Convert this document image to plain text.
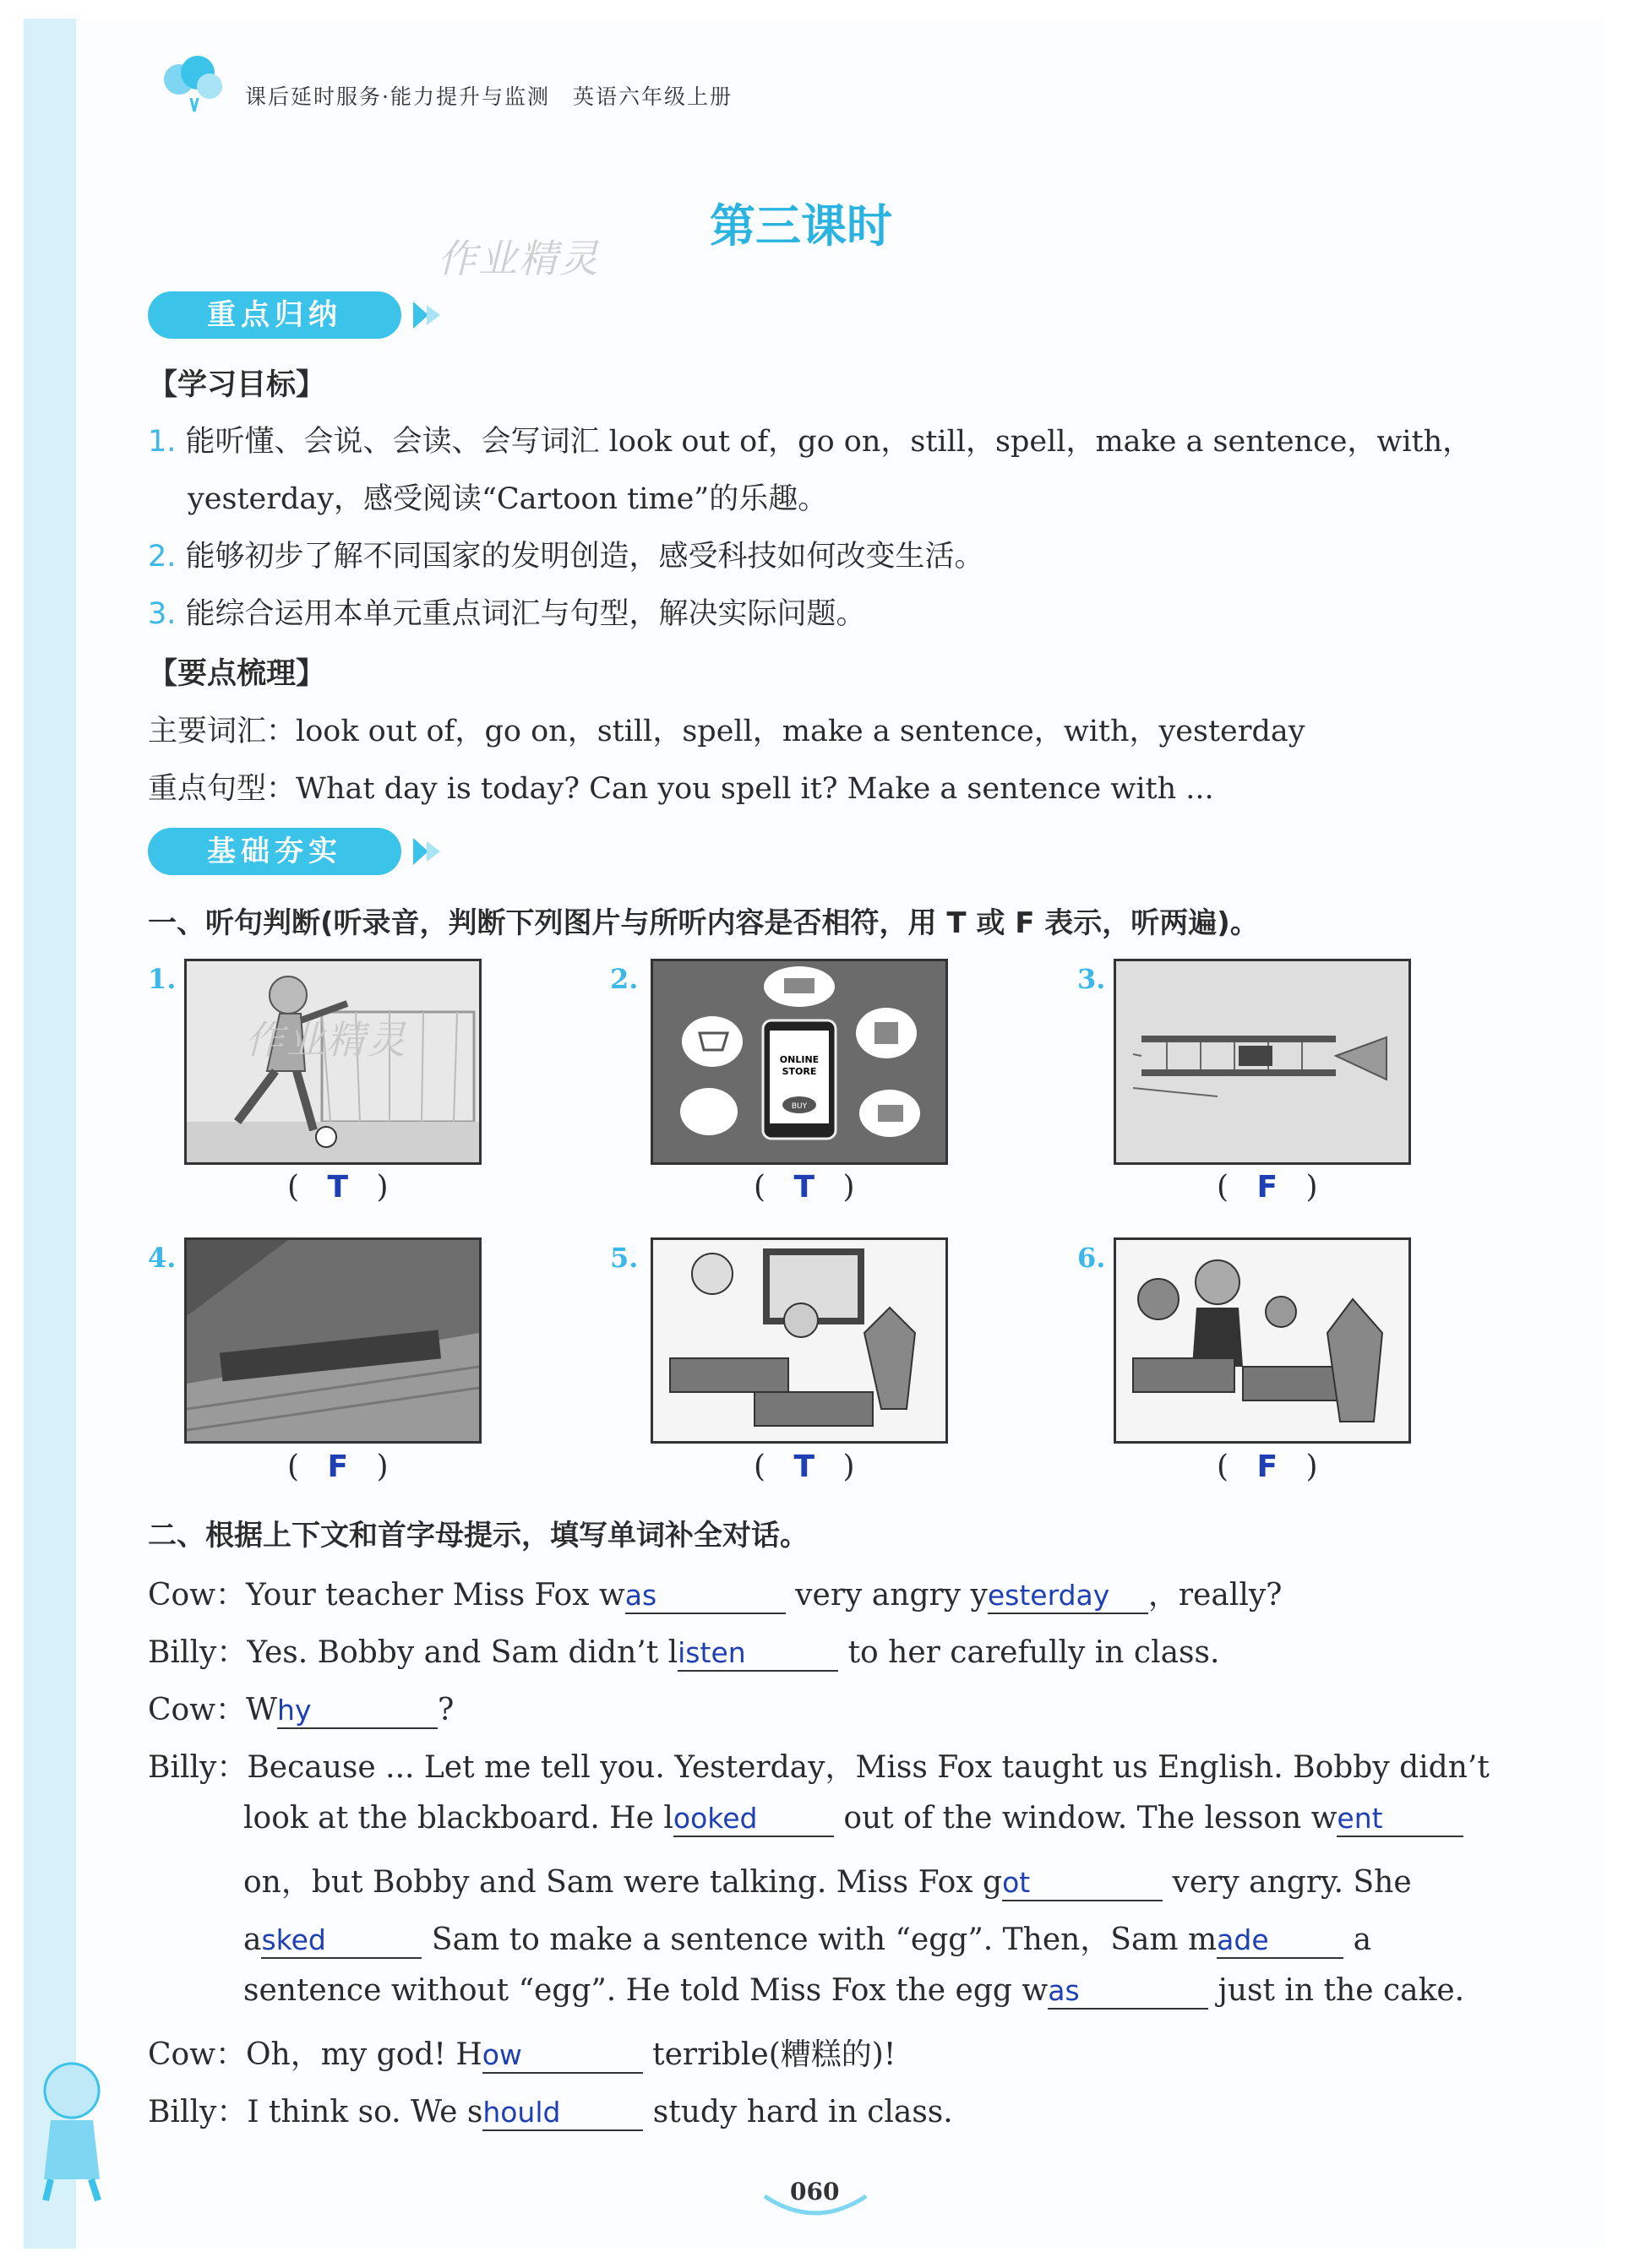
课后延时服务·能力提升与监测　英语六年级上册
作业精灵
第三课时
重点归纳
【学习目标】
1. 能听懂、会说、会读、会写词汇 look out of，go on，still，spell，make a sentence，with，
yesterday，感受阅读“Cartoon time”的乐趣。
2. 能够初步了解不同国家的发明创造，感受科技如何改变生活。
3. 能综合运用本单元重点词汇与句型，解决实际问题。
【要点梳理】
主要词汇：look out of，go on，still，spell，make a sentence，with，yesterday
重点句型：What day is today? Can you spell it? Make a sentence with ...
基础夯实
一、听句判断(听录音，判断下列图片与所听内容是否相符，用 T 或 F 表示，听两遍)。
1.	2.
ONLINE
STORE
BUY
3.
( T )	( T )	( F )
4.	5.	6.
( F )	( T )	( F )
作业精灵
二、根据上下文和首字母提示，填写单词补全对话。
Cow：Your teacher Miss Fox was	very angry yesterday ，really?
Billy：Yes. Bobby and Sam didn’t listen	to her carefully in class.
Cow：Why	?
Billy：Because ... Let me tell you. Yesterday，Miss Fox taught us English. Bobby didn’t
look at the blackboard. He looked	out of the window. The lesson went
on，but Bobby and Sam were talking. Miss Fox got	very angry. She
asked	Sam to make a sentence with “egg”. Then，Sam made a
sentence without “egg”. He told Miss Fox the egg was	just in the cake.
Cow：Oh，my god! How	terrible(糟糕的)!
Billy：I think so. We should	study hard in class.
060
